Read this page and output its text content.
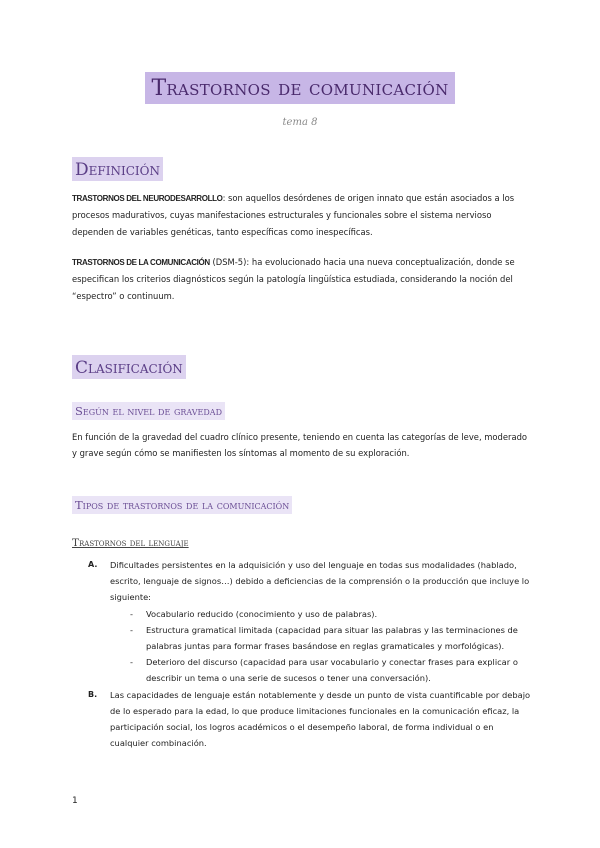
Trastornos de comunicación
tema 8
Definición
TRASTORNOS DEL NEURODESARROLLO: son aquellos desórdenes de origen innato que están asociados a los procesos madurativos, cuyas manifestaciones estructurales y funcionales sobre el sistema nervioso dependen de variables genéticas, tanto específicas como inespecíficas.
TRASTORNOS DE LA COMUNICACIÓN (DSM-5): ha evolucionado hacia una nueva conceptualización, donde se especifican los criterios diagnósticos según la patología lingüística estudiada, considerando la noción del “espectro” o continuum.
Clasificación
Según el nivel de gravedad
En función de la gravedad del cuadro clínico presente, teniendo en cuenta las categorías de leve, moderado y grave según cómo se manifiesten los síntomas al momento de su exploración.
Tipos de trastornos de la comunicación
Trastornos del lenguaje
A. Dificultades persistentes en la adquisición y uso del lenguaje en todas sus modalidades (hablado, escrito, lenguaje de signos…) debido a deficiencias de la comprensión o la producción que incluye lo siguiente:
- Vocabulario reducido (conocimiento y uso de palabras).
- Estructura gramatical limitada (capacidad para situar las palabras y las terminaciones de palabras juntas para formar frases basándose en reglas gramaticales y morfológicas).
- Deterioro del discurso (capacidad para usar vocabulario y conectar frases para explicar o describir un tema o una serie de sucesos o tener una conversación).
B. Las capacidades de lenguaje están notablemente y desde un punto de vista cuantificable por debajo de lo esperado para la edad, lo que produce limitaciones funcionales en la comunicación eficaz, la participación social, los logros académicos o el desempeño laboral, de forma individual o en cualquier combinación.
1
